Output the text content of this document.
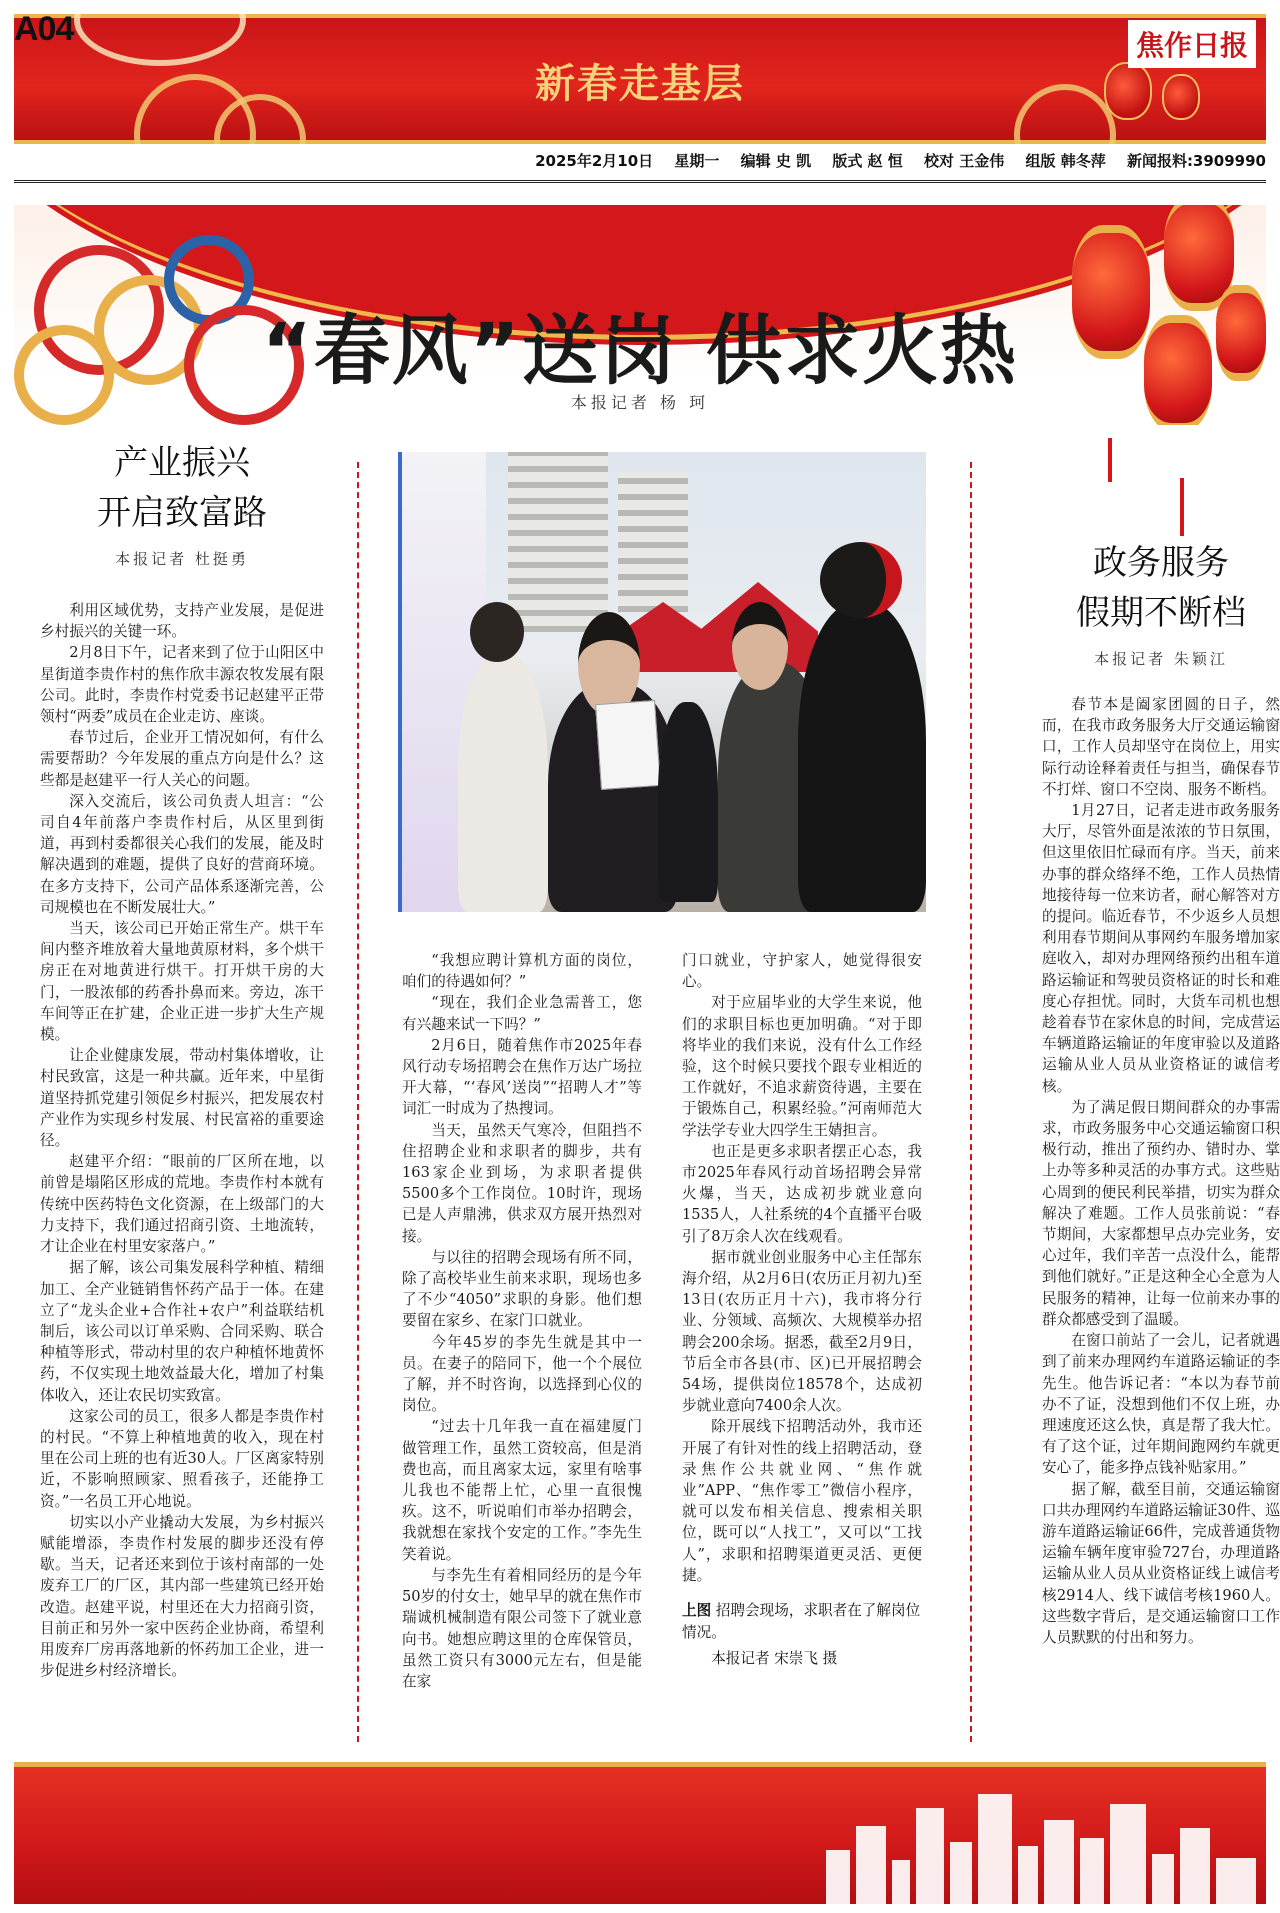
新春走基层
焦作日报
A04
2025年2月10日 星期一 编辑 史 凯 版式 赵 恒 校对 王金伟 组版 韩冬萍 新闻报料:3909990
“春风”送岗 供求火热
本报记者 杨 珂
产业振兴
开启致富路
本报记者 杜挺勇

利用区域优势，支持产业发展，是促进乡村振兴的关键一环。

2月8日下午，记者来到了位于山阳区中星街道李贵作村的焦作欣丰源农牧发展有限公司。此时，李贵作村党委书记赵建平正带领村“两委”成员在企业走访、座谈。

春节过后，企业开工情况如何，有什么需要帮助？今年发展的重点方向是什么？这些都是赵建平一行人关心的问题。

深入交流后，该公司负责人坦言：“公司自4年前落户李贵作村后，从区里到街道，再到村委都很关心我们的发展，能及时解决遇到的难题，提供了良好的营商环境。在多方支持下，公司产品体系逐渐完善，公司规模也在不断发展壮大。”

当天，该公司已开始正常生产。烘干车间内整齐堆放着大量地黄原材料，多个烘干房正在对地黄进行烘干。打开烘干房的大门，一股浓郁的药香扑鼻而来。旁边，冻干车间等正在扩建，企业正进一步扩大生产规模。

让企业健康发展，带动村集体增收，让村民致富，这是一种共赢。近年来，中星街道坚持抓党建引领促乡村振兴，把发展农村产业作为实现乡村发展、村民富裕的重要途径。

赵建平介绍：“眼前的厂区所在地，以前曾是塌陷区形成的荒地。李贵作村本就有传统中医药特色文化资源，在上级部门的大力支持下，我们通过招商引资、土地流转，才让企业在村里安家落户。”

据了解，该公司集发展科学种植、精细加工、全产业链销售怀药产品于一体。在建立了“龙头企业+合作社+农户”利益联结机制后，该公司以订单采购、合同采购、联合种植等形式，带动村里的农户种植怀地黄怀药，不仅实现土地效益最大化，增加了村集体收入，还让农民切实致富。

这家公司的员工，很多人都是李贵作村的村民。“不算上种植地黄的收入，现在村里在公司上班的也有近30人。厂区离家特别近，不影响照顾家、照看孩子，还能挣工资。”一名员工开心地说。

切实以小产业撬动大发展，为乡村振兴赋能增添，李贵作村发展的脚步还没有停歇。当天，记者还来到位于该村南部的一处废弃工厂的厂区，其内部一些建筑已经开始改造。赵建平说，村里还在大力招商引资，目前正和另外一家中医药企业协商，希望利用废弃厂房再落地新的怀药加工企业，进一步促进乡村经济增长。

“我想应聘计算机方面的岗位，咱们的待遇如何？”

“现在，我们企业急需普工，您有兴趣来试一下吗？”

2月6日，随着焦作市2025年春风行动专场招聘会在焦作万达广场拉开大幕，“‘春风’送岗”“招聘人才”等词汇一时成为了热搜词。

当天，虽然天气寒冷，但阻挡不住招聘企业和求职者的脚步，共有163家企业到场，为求职者提供5500多个工作岗位。10时许，现场已是人声鼎沸，供求双方展开热烈对接。

与以往的招聘会现场有所不同，除了高校毕业生前来求职，现场也多了不少“4050”求职的身影。他们想要留在家乡、在家门口就业。

今年45岁的李先生就是其中一员。在妻子的陪同下，他一个个展位了解，并不时咨询，以选择到心仪的岗位。

“过去十几年我一直在福建厦门做管理工作，虽然工资较高，但是消费也高，而且离家太远，家里有啥事儿我也不能帮上忙，心里一直很愧疚。这不，听说咱们市举办招聘会，我就想在家找个安定的工作。”李先生笑着说。

与李先生有着相同经历的是今年50岁的付女士，她早早的就在焦作市瑞诚机械制造有限公司签下了就业意向书。她想应聘这里的仓库保管员，虽然工资只有3000元左右，但是能在家

门口就业，守护家人，她觉得很安心。

对于应届毕业的大学生来说，他们的求职目标也更加明确。“对于即将毕业的我们来说，没有什么工作经验，这个时候只要找个跟专业相近的工作就好，不追求薪资待遇，主要在于锻炼自己，积累经验。”河南师范大学法学专业大四学生王婧担言。

也正是更多求职者摆正心态，我市2025年春风行动首场招聘会异常火爆，当天，达成初步就业意向1535人，人社系统的4个直播平台吸引了8万余人次在线观看。

据市就业创业服务中心主任郜东海介绍，从2月6日(农历正月初九)至13日(农历正月十六)，我市将分行业、分领域、高频次、大规模举办招聘会200余场。据悉，截至2月9日，节后全市各县(市、区)已开展招聘会54场，提供岗位18578个，达成初步就业意向7400余人次。

除开展线下招聘活动外，我市还开展了有针对性的线上招聘活动，登录焦作公共就业网、“焦作就业”APP、“焦作零工”微信小程序，就可以发布相关信息、搜索相关职位，既可以“人找工”，又可以“工找人”，求职和招聘渠道更灵活、更便捷。

上图 招聘会现场，求职者在了解岗位情况。
本报记者 宋崇飞 摄
政务服务
假期不断档
本报记者 朱颖江

春节本是阖家团圆的日子，然而，在我市政务服务大厅交通运输窗口，工作人员却坚守在岗位上，用实际行动诠释着责任与担当，确保春节不打烊、窗口不空岗、服务不断档。

1月27日，记者走进市政务服务大厅，尽管外面是浓浓的节日氛围，但这里依旧忙碌而有序。当天，前来办事的群众络绎不绝，工作人员热情地接待每一位来访者，耐心解答对方的提问。临近春节，不少返乡人员想利用春节期间从事网约车服务增加家庭收入，却对办理网络预约出租车道路运输证和驾驶员资格证的时长和难度心存担忧。同时，大货车司机也想趁着春节在家休息的时间，完成营运车辆道路运输证的年度审验以及道路运输从业人员从业资格证的诚信考核。

为了满足假日期间群众的办事需求，市政务服务中心交通运输窗口积极行动，推出了预约办、错时办、掌上办等多种灵活的办事方式。这些贴心周到的便民利民举措，切实为群众解决了难题。工作人员张前说：“春节期间，大家都想早点办完业务，安心过年，我们辛苦一点没什么，能帮到他们就好。”正是这种全心全意为人民服务的精神，让每一位前来办事的群众都感受到了温暖。

在窗口前站了一会儿，记者就遇到了前来办理网约车道路运输证的李先生。他告诉记者：“本以为春节前办不了证，没想到他们不仅上班，办理速度还这么快，真是帮了我大忙。有了这个证，过年期间跑网约车就更安心了，能多挣点钱补贴家用。”

据了解，截至目前，交通运输窗口共办理网约车道路运输证30件、巡游车道路运输证66件，完成普通货物运输车辆年度审验727台，办理道路运输从业人员从业资格证线上诚信考核2914人、线下诚信考核1960人。这些数字背后，是交通运输窗口工作人员默默的付出和努力。
